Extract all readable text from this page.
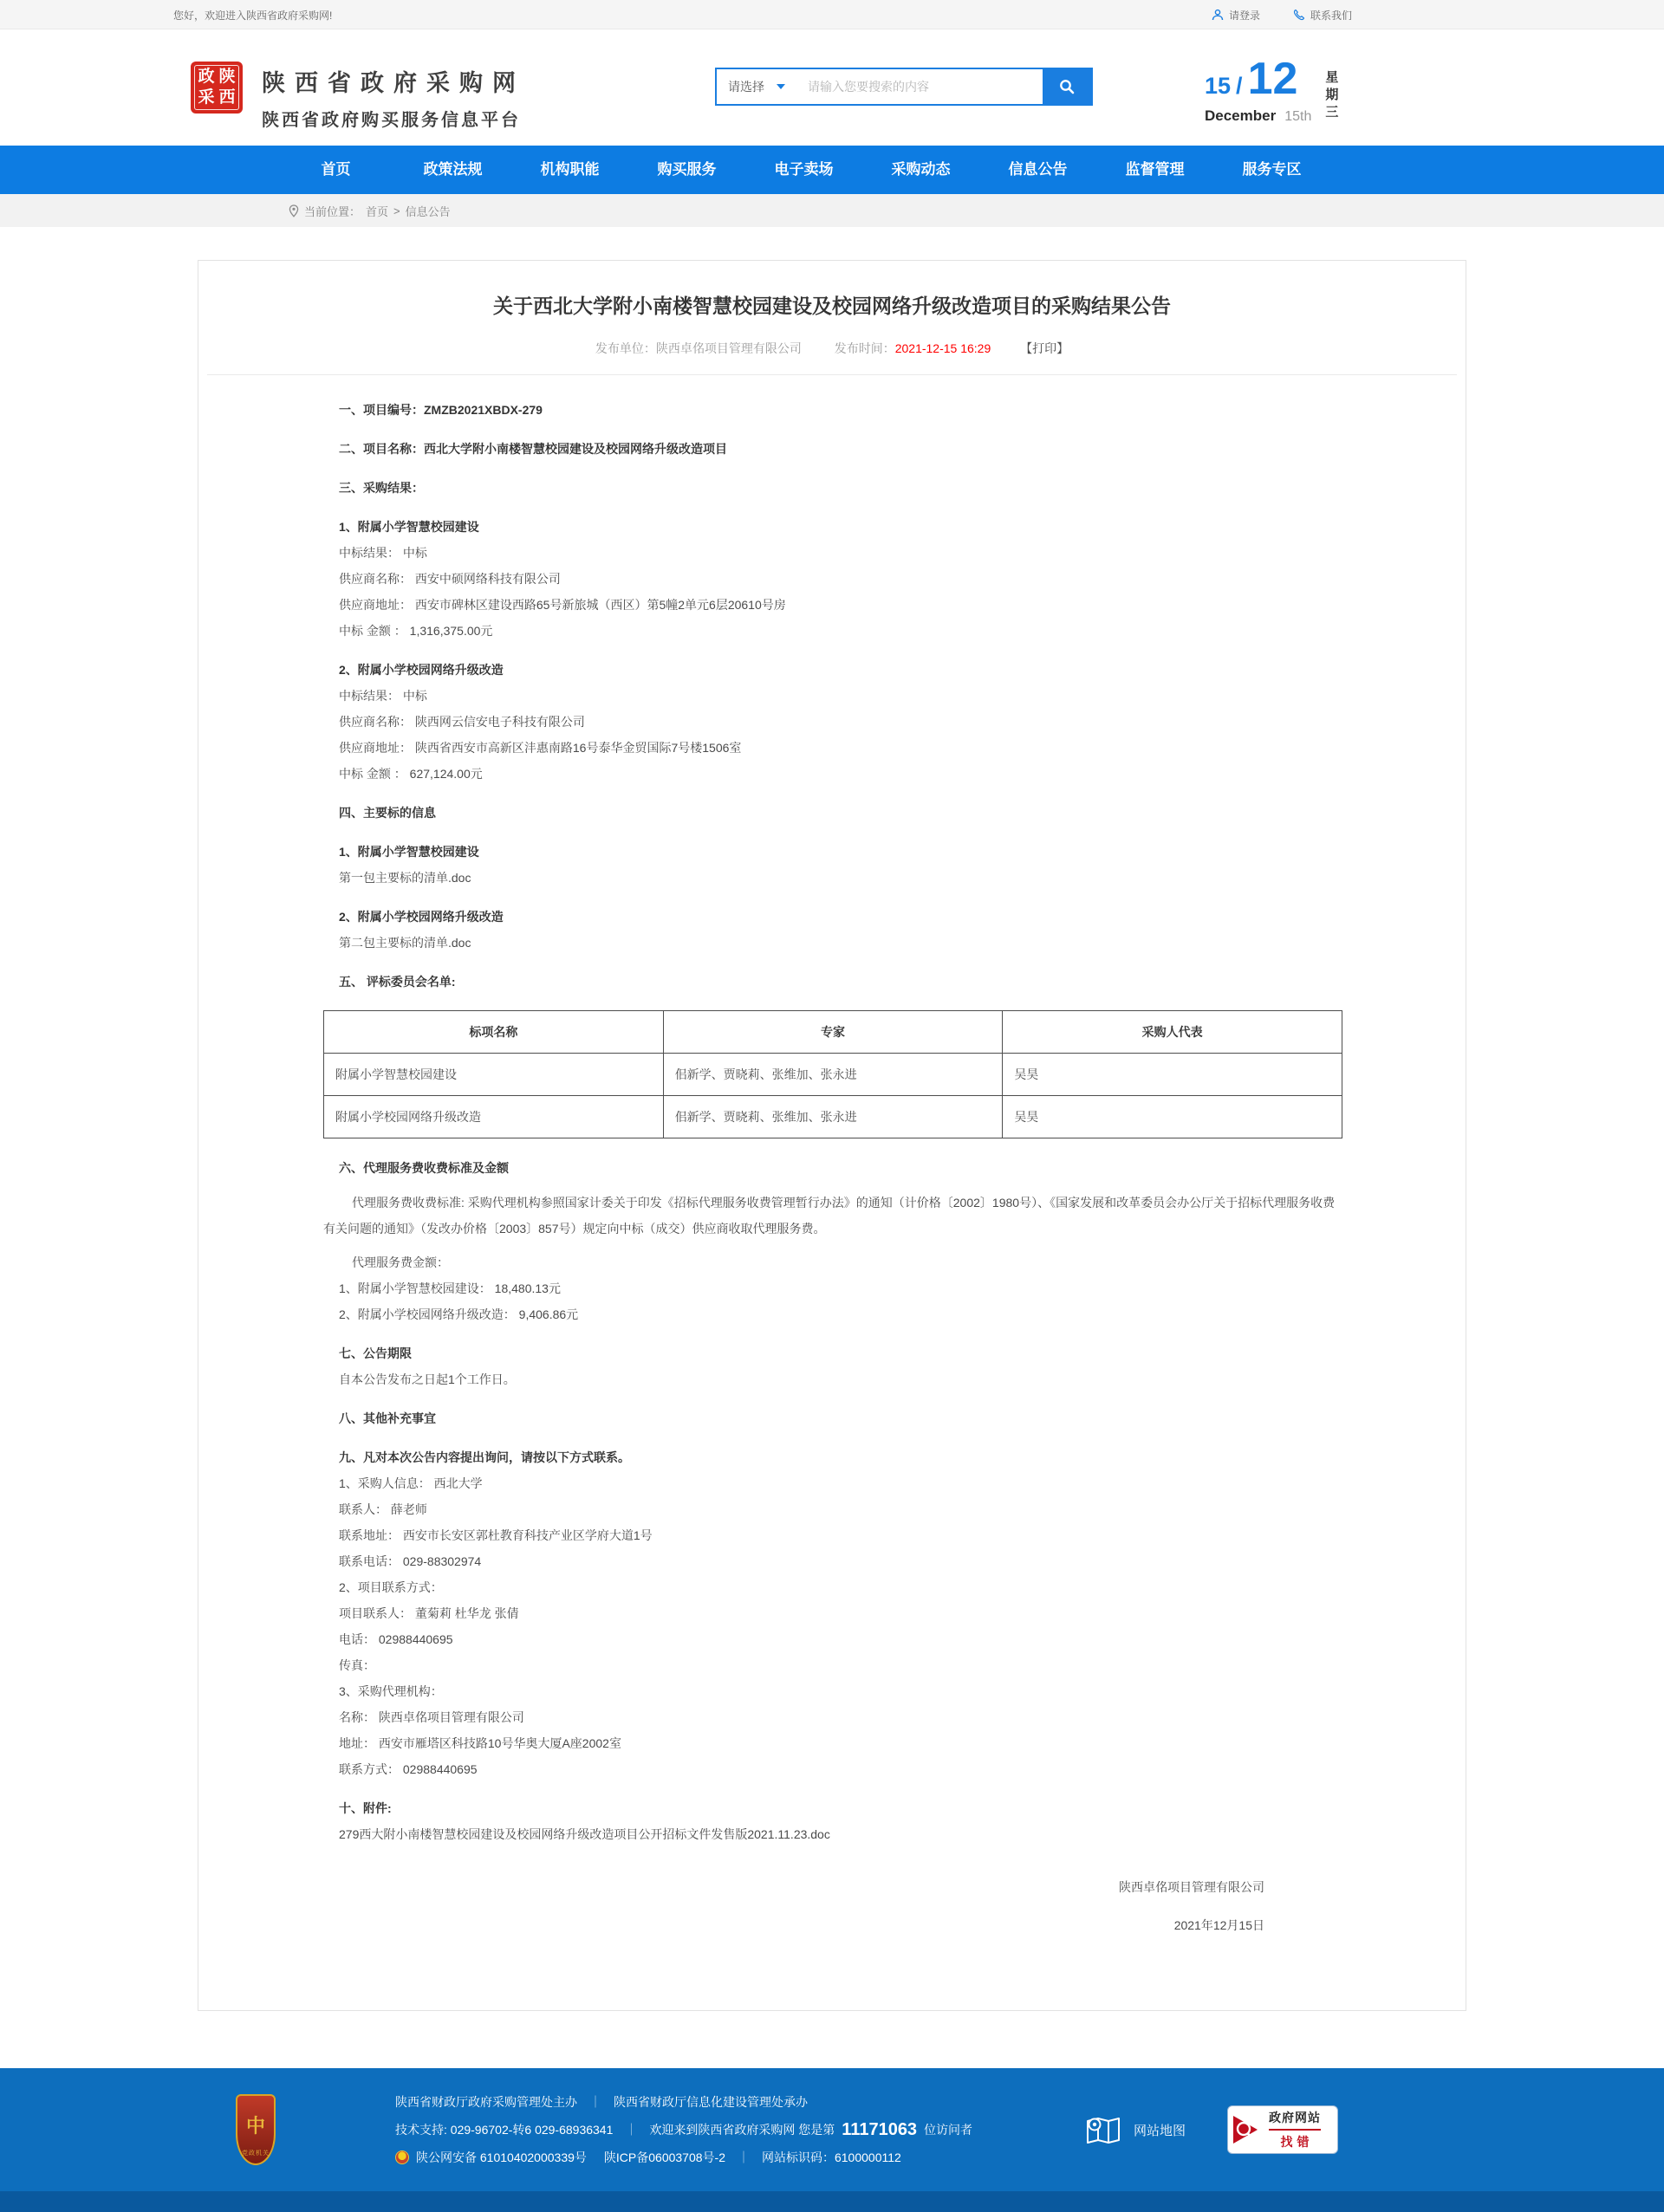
您好，欢迎进入陕西省政府采购网!	请登录	联系我们
政 陕
采 西
陕西省政府采购网
陕西省政府购买服务信息平台
请选择
请输入您要搜索的内容	15 / 12
December 15th
星
期
三
首页	政策法规	机构职能	购买服务	电子卖场	采购动态	信息公告	监督管理	服务专区
当前位置： 首页 > 信息公告
关于西北大学附小南楼智慧校园建设及校园网络升级改造项目的采购结果公告
发布单位：陕西卓佲项目管理有限公司	发布时间：2021-12-15 16:29 【打印】

一、项目编号：ZMZB2021XBDX-279

二、项目名称：西北大学附小南楼智慧校园建设及校园网络升级改造项目

三、采购结果：

1、附属小学智慧校园建设

中标结果： 中标

供应商名称： 西安中硕网络科技有限公司

供应商地址： 西安市碑林区建设西路65号新旅城（西区）第5幢2单元6层20610号房

中标 金额 ： 1,316,375.00元

2、附属小学校园网络升级改造

中标结果： 中标

供应商名称： 陕西网云信安电子科技有限公司

供应商地址： 陕西省西安市高新区沣惠南路16号泰华金贸国际7号楼1506室

中标 金额 ： 627,124.00元

四、主要标的信息

1、附属小学智慧校园建设

第一包主要标的清单.doc

2、附属小学校园网络升级改造

第二包主要标的清单.doc

五、 评标委员会名单:

标项名称	专家	采购人代表
附属小学智慧校园建设	佀新学、贾晓莉、张维加、张永进	吴昊
附属小学校园网络升级改造	佀新学、贾晓莉、张维加、张永进	吴昊

六、代理服务费收费标准及金额

代理服务费收费标准: 采购代理机构参照国家计委关于印发《招标代理服务收费管理暂行办法》的通知（计价格〔2002〕1980号）、《国家发展和改革委员会办公厅关于招标代理服务收费有关问题的通知》（发改办价格〔2003〕857号）规定向中标（成交）供应商收取代理服务费。

代理服务费金额：

1、附属小学智慧校园建设： 18,480.13元

2、附属小学校园网络升级改造： 9,406.86元

七、公告期限

自本公告发布之日起1个工作日。

八、其他补充事宜

九、凡对本次公告内容提出询问，请按以下方式联系。

1、采购人信息： 西北大学

联系人： 薛老师

联系地址： 西安市长安区郭杜教育科技产业区学府大道1号

联系电话： 029-88302974

2、项目联系方式：

项目联系人： 董菊莉 杜华龙 张倩

电话： 02988440695

传真：

3、采购代理机构：

名称： 陕西卓佲项目管理有限公司

地址： 西安市雁塔区科技路10号华奥大厦A座2002室

联系方式： 02988440695

十、附件:

279西大附小南楼智慧校园建设及校园网络升级改造项目公开招标文件发售版2021.11.23.doc

陕西卓佲项目管理有限公司
2021年12月15日
中
党政机关
陕西省财政厅政府采购管理处主办 ｜ 陕西省财政厅信息化建设管理处承办
技术支持: 029-96702-转6 029-68936341 ｜ 欢迎来到陕西省政府采购网 您是第 11171063 位访问者
陕公网安备 61010402000339号 陕ICP备06003708号-2 ｜ 网站标识码：6100000112
网站地图
政府网站
找错
